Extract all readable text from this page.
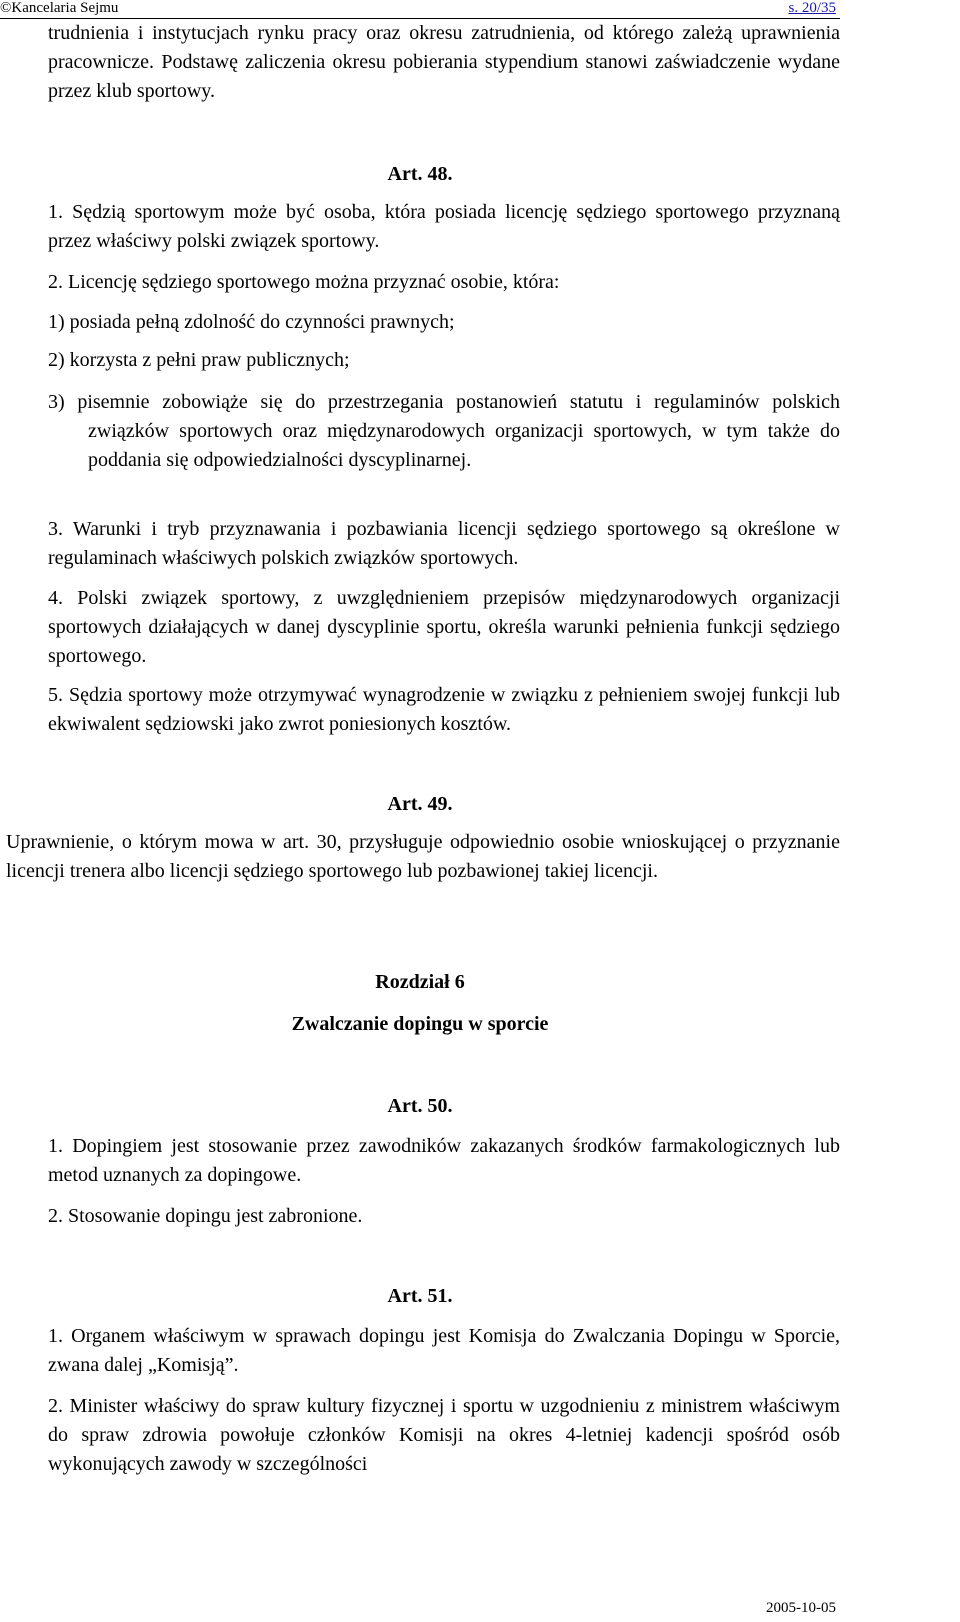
©Kancelaria Sejmu	s. 20/35
trudnienia i instytucjach rynku pracy oraz okresu zatrudnienia, od którego zależą uprawnienia pracownicze. Podstawę zaliczenia okresu pobierania stypendium stanowi zaświadczenie wydane przez klub sportowy.
Art. 48.
1. Sędzią sportowym może być osoba, która posiada licencję sędziego sportowego przyznaną przez właściwy polski związek sportowy.
2. Licencję sędziego sportowego można przyznać osobie, która:
1) posiada pełną zdolność do czynności prawnych;
2) korzysta z pełni praw publicznych;
3) pisemnie zobowiąże się do przestrzegania postanowień statutu i regulaminów polskich związków sportowych oraz międzynarodowych organizacji sportowych, w tym także do poddania się odpowiedzialności dyscyplinarnej.
3. Warunki i tryb przyznawania i pozbawiania licencji sędziego sportowego są określone w regulaminach właściwych polskich związków sportowych.
4. Polski związek sportowy, z uwzględnieniem przepisów międzynarodowych organizacji sportowych działających w danej dyscyplinie sportu, określa warunki pełnienia funkcji sędziego sportowego.
5. Sędzia sportowy może otrzymywać wynagrodzenie w związku z pełnieniem swojej funkcji lub ekwiwalent sędziowski jako zwrot poniesionych kosztów.
Art. 49.
Uprawnienie, o którym mowa w art. 30, przysługuje odpowiednio osobie wnioskującej o przyznanie licencji trenera albo licencji sędziego sportowego lub pozbawionej takiej licencji.
Rozdział 6
Zwalczanie dopingu w sporcie
Art. 50.
1. Dopingiem jest stosowanie przez zawodników zakazanych środków farmakologicznych lub metod uznanych za dopingowe.
2. Stosowanie dopingu jest zabronione.
Art. 51.
1. Organem właściwym w sprawach dopingu jest Komisja do Zwalczania Dopingu w Sporcie, zwana dalej „Komisją”.
2. Minister właściwy do spraw kultury fizycznej i sportu w uzgodnieniu z ministrem właściwym do spraw zdrowia powołuje członków Komisji na okres 4-letniej kadencji spośród osób wykonujących zawody w szczególności
2005-10-05
